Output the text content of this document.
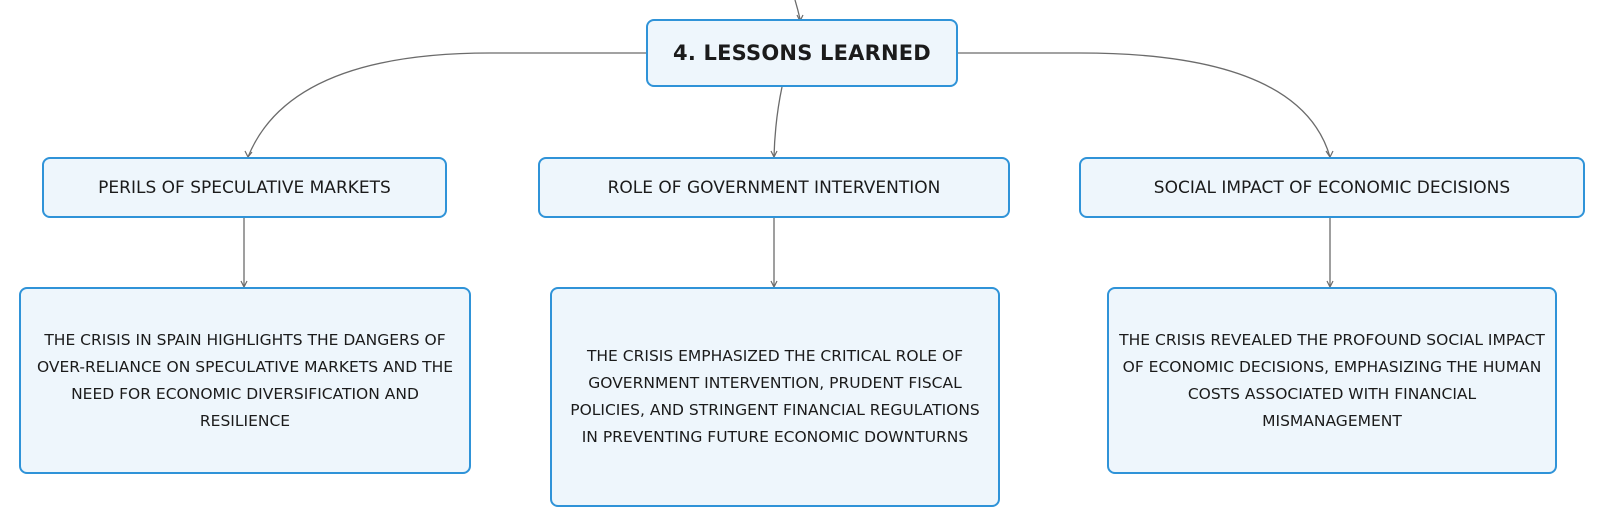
4. LESSONS LEARNED
PERILS OF SPECULATIVE MARKETS	ROLE OF GOVERNMENT INTERVENTION	SOCIAL IMPACT OF ECONOMIC DECISIONS
THE CRISIS IN SPAIN HIGHLIGHTS THE DANGERS OF OVER-RELIANCE ON SPECULATIVE MARKETS AND THE NEED FOR ECONOMIC DIVERSIFICATION AND RESILIENCE
THE CRISIS EMPHASIZED THE CRITICAL ROLE OF GOVERNMENT INTERVENTION, PRUDENT FISCAL POLICIES, AND STRINGENT FINANCIAL REGULATIONS IN PREVENTING FUTURE ECONOMIC DOWNTURNS
THE CRISIS REVEALED THE PROFOUND SOCIAL IMPACT OF ECONOMIC DECISIONS, EMPHASIZING THE HUMAN COSTS ASSOCIATED WITH FINANCIAL MISMANAGEMENT
